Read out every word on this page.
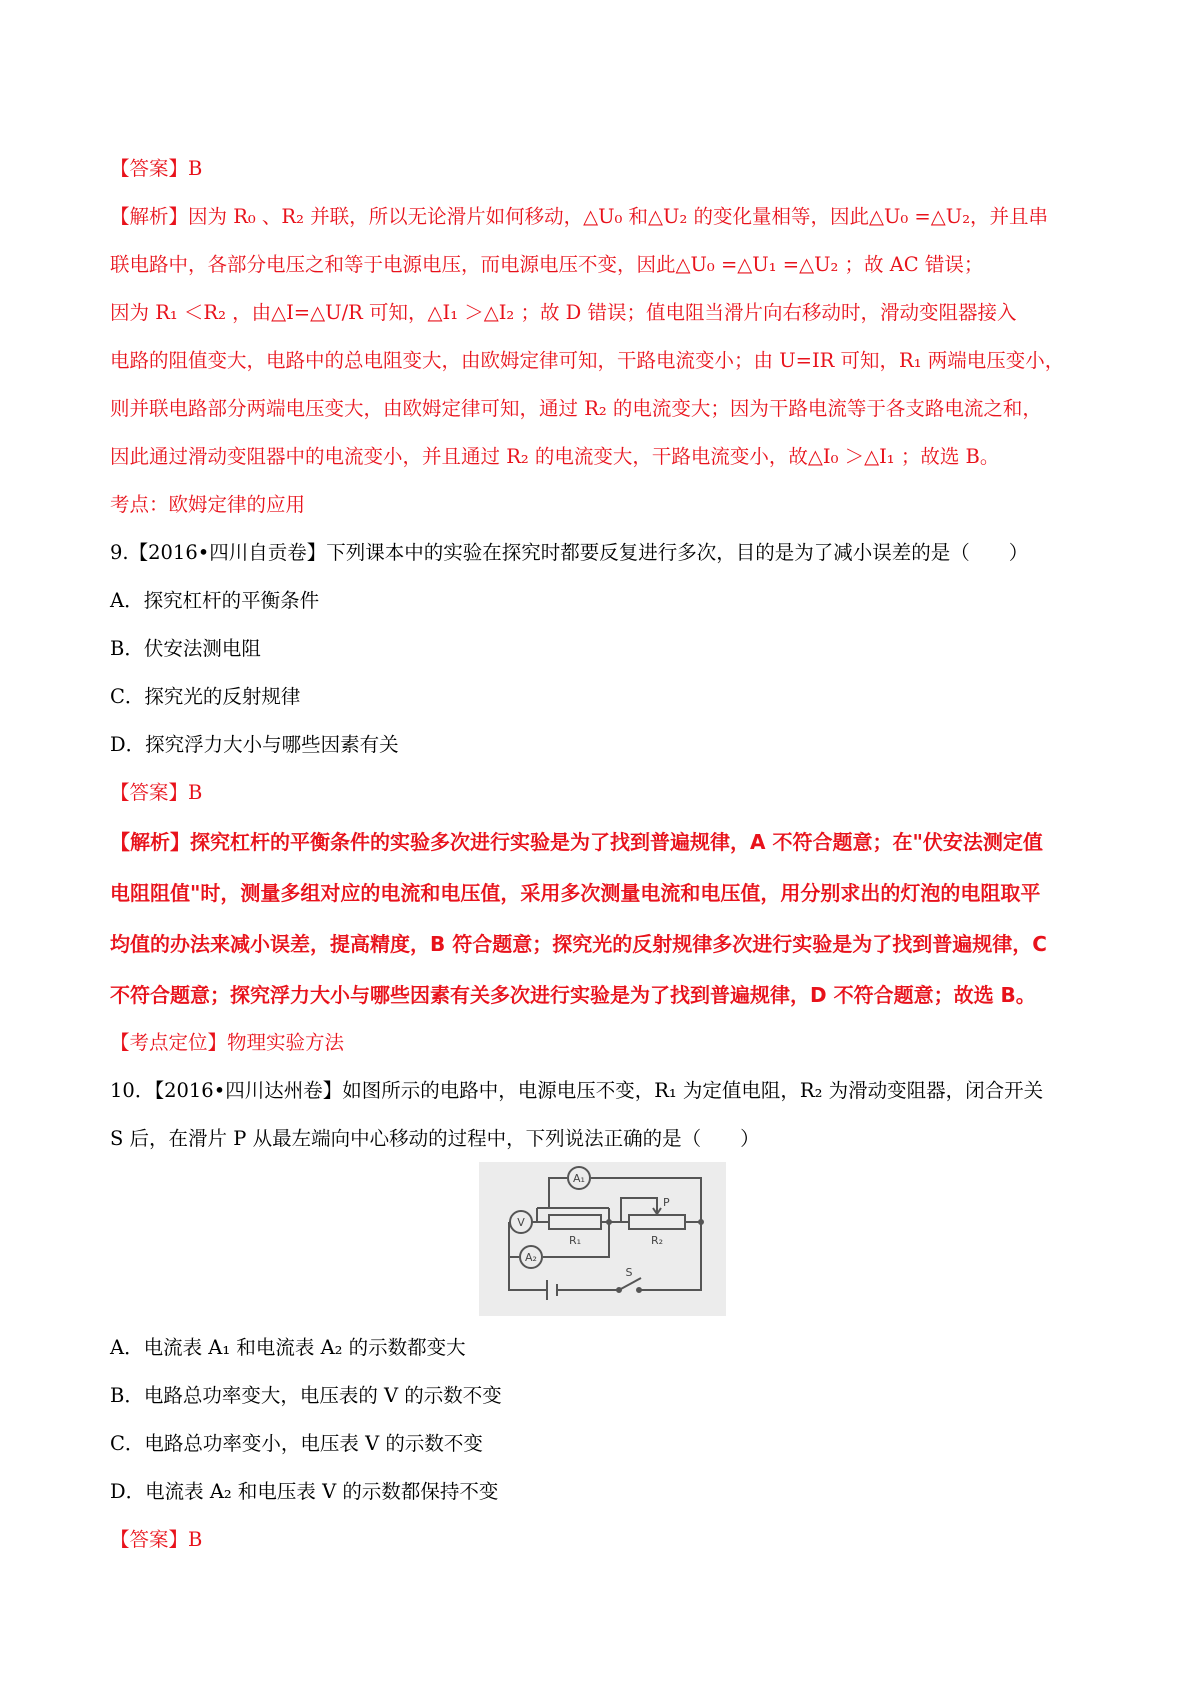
【答案】B
【解析】因为 R₀ 、R₂ 并联，所以无论滑片如何移动，△U₀ 和△U₂ 的变化量相等，因此△U₀ =△U₂，并且串
联电路中，各部分电压之和等于电源电压，而电源电压不变，因此△U₀ =△U₁ =△U₂ ；故 AC 错误；
因为 R₁ ＜R₂ ，由△I=△U/R 可知，△I₁ ＞△I₂ ；故 D 错误；值电阻当滑片向右移动时，滑动变阻器接入
电路的阻值变大，电路中的总电阻变大，由欧姆定律可知，干路电流变小；由 U=IR 可知，R₁ 两端电压变小，
则并联电路部分两端电压变大，由欧姆定律可知，通过 R₂ 的电流变大；因为干路电流等于各支路电流之和，
因此通过滑动变阻器中的电流变小，并且通过 R₂ 的电流变大，干路电流变小，故△I₀ ＞△I₁ ；故选 B。
考点：欧姆定律的应用
9.【2016•四川自贡卷】下列课本中的实验在探究时都要反复进行多次，目的是为了减小误差的是（　　）
A．探究杠杆的平衡条件
B．伏安法测电阻
C．探究光的反射规律
D．探究浮力大小与哪些因素有关
【答案】B
【解析】探究杠杆的平衡条件的实验多次进行实验是为了找到普遍规律，A 不符合题意；在"伏安法测定值
电阻阻值"时，测量多组对应的电流和电压值，采用多次测量电流和电压值，用分别求出的灯泡的电阻取平
均值的办法来减小误差，提高精度，B 符合题意；探究光的反射规律多次进行实验是为了找到普遍规律，C
不符合题意；探究浮力大小与哪些因素有关多次进行实验是为了找到普遍规律，D 不符合题意；故选 B。
【考点定位】物理实验方法
10．【2016•四川达州卷】如图所示的电路中，电源电压不变，R₁ 为定值电阻，R₂ 为滑动变阻器，闭合开关
S 后，在滑片 P 从最左端向中心移动的过程中，下列说法正确的是（　　）
V
A₁
A₂
R₁	R₂
P
S
A．电流表 A₁ 和电流表 A₂ 的示数都变大
B．电路总功率变大，电压表的 V 的示数不变
C．电路总功率变小，电压表 V 的示数不变
D．电流表 A₂ 和电压表 V 的示数都保持不变
【答案】B
